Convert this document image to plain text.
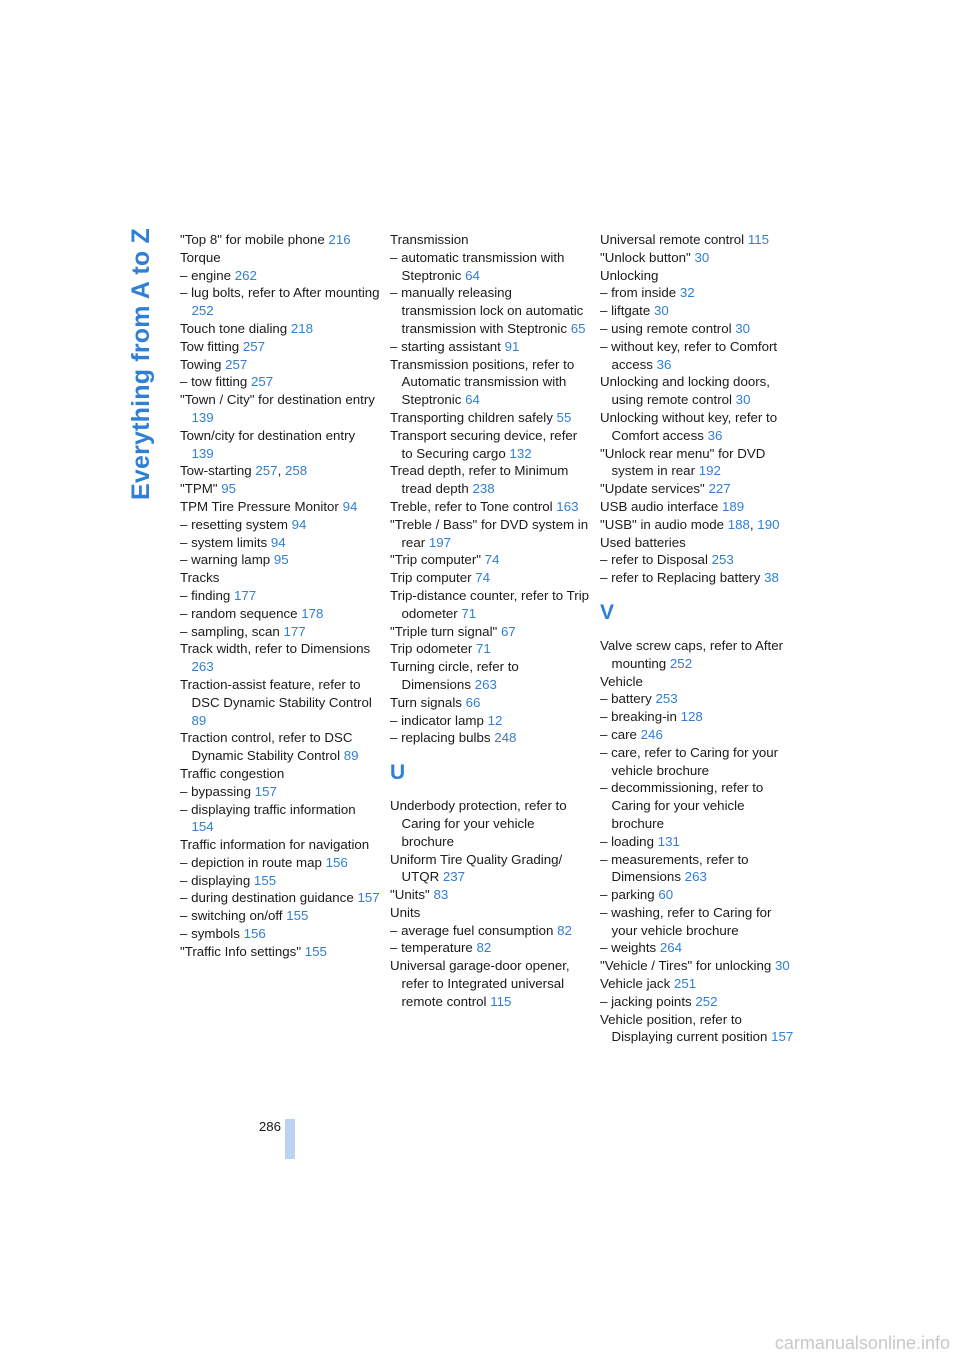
Everything from A to Z "Top 8" for mobile phone 216
Torque
– engine 262
– lug bolts, refer to After mounting 252
Touch tone dialing 218
Tow fitting 257
Towing 257
– tow fitting 257
"Town / City" for destination entry 139
Town/city for destination entry 139
Tow-starting 257, 258
"TPM" 95
TPM Tire Pressure Monitor 94
– resetting system 94
– system limits 94
– warning lamp 95
Tracks
– finding 177
– random sequence 178
– sampling, scan 177
Track width, refer to Dimensions 263
Traction-assist feature, refer to DSC Dynamic Stability Control 89
Traction control, refer to DSC Dynamic Stability Control 89
Traffic congestion
– bypassing 157
– displaying traffic information 154
Traffic information for navigation
– depiction in route map 156
– displaying 155
– during destination guidance 157
– switching on/off 155
– symbols 156
"Traffic Info settings" 155
Transmission
– automatic transmission with Steptronic 64
– manually releasing transmission lock on automatic transmission with Steptronic 65
– starting assistant 91
Transmission positions, refer to Automatic transmission with Steptronic 64
Transporting children safely 55
Transport securing device, refer to Securing cargo 132
Tread depth, refer to Minimum tread depth 238
Treble, refer to Tone control 163
"Treble / Bass" for DVD system in rear 197
"Trip computer" 74
Trip computer 74
Trip-distance counter, refer to Trip odometer 71
"Triple turn signal" 67
Trip odometer 71
Turning circle, refer to Dimensions 263
Turn signals 66
– indicator lamp 12
– replacing bulbs 248
U
Underbody protection, refer to Caring for your vehicle brochure
Uniform Tire Quality Grading/ UTQR 237
"Units" 83
Units
– average fuel consumption 82
– temperature 82
Universal garage-door opener, refer to Integrated universal remote control 115
Universal remote control 115
"Unlock button" 30
Unlocking
– from inside 32
– liftgate 30
– using remote control 30
– without key, refer to Comfort access 36
Unlocking and locking doors, using remote control 30
Unlocking without key, refer to Comfort access 36
"Unlock rear menu" for DVD system in rear 192
"Update services" 227
USB audio interface 189
"USB" in audio mode 188, 190
Used batteries
– refer to Disposal 253
– refer to Replacing battery 38
V
Valve screw caps, refer to After mounting 252
Vehicle
– battery 253
– breaking-in 128
– care 246
– care, refer to Caring for your vehicle brochure
– decommissioning, refer to Caring for your vehicle brochure
– loading 131
– measurements, refer to Dimensions 263
– parking 60
– washing, refer to Caring for your vehicle brochure
– weights 264
"Vehicle / Tires" for unlocking 30
Vehicle jack 251
– jacking points 252
Vehicle position, refer to Displaying current position 157
286
carmanualsonline.info
